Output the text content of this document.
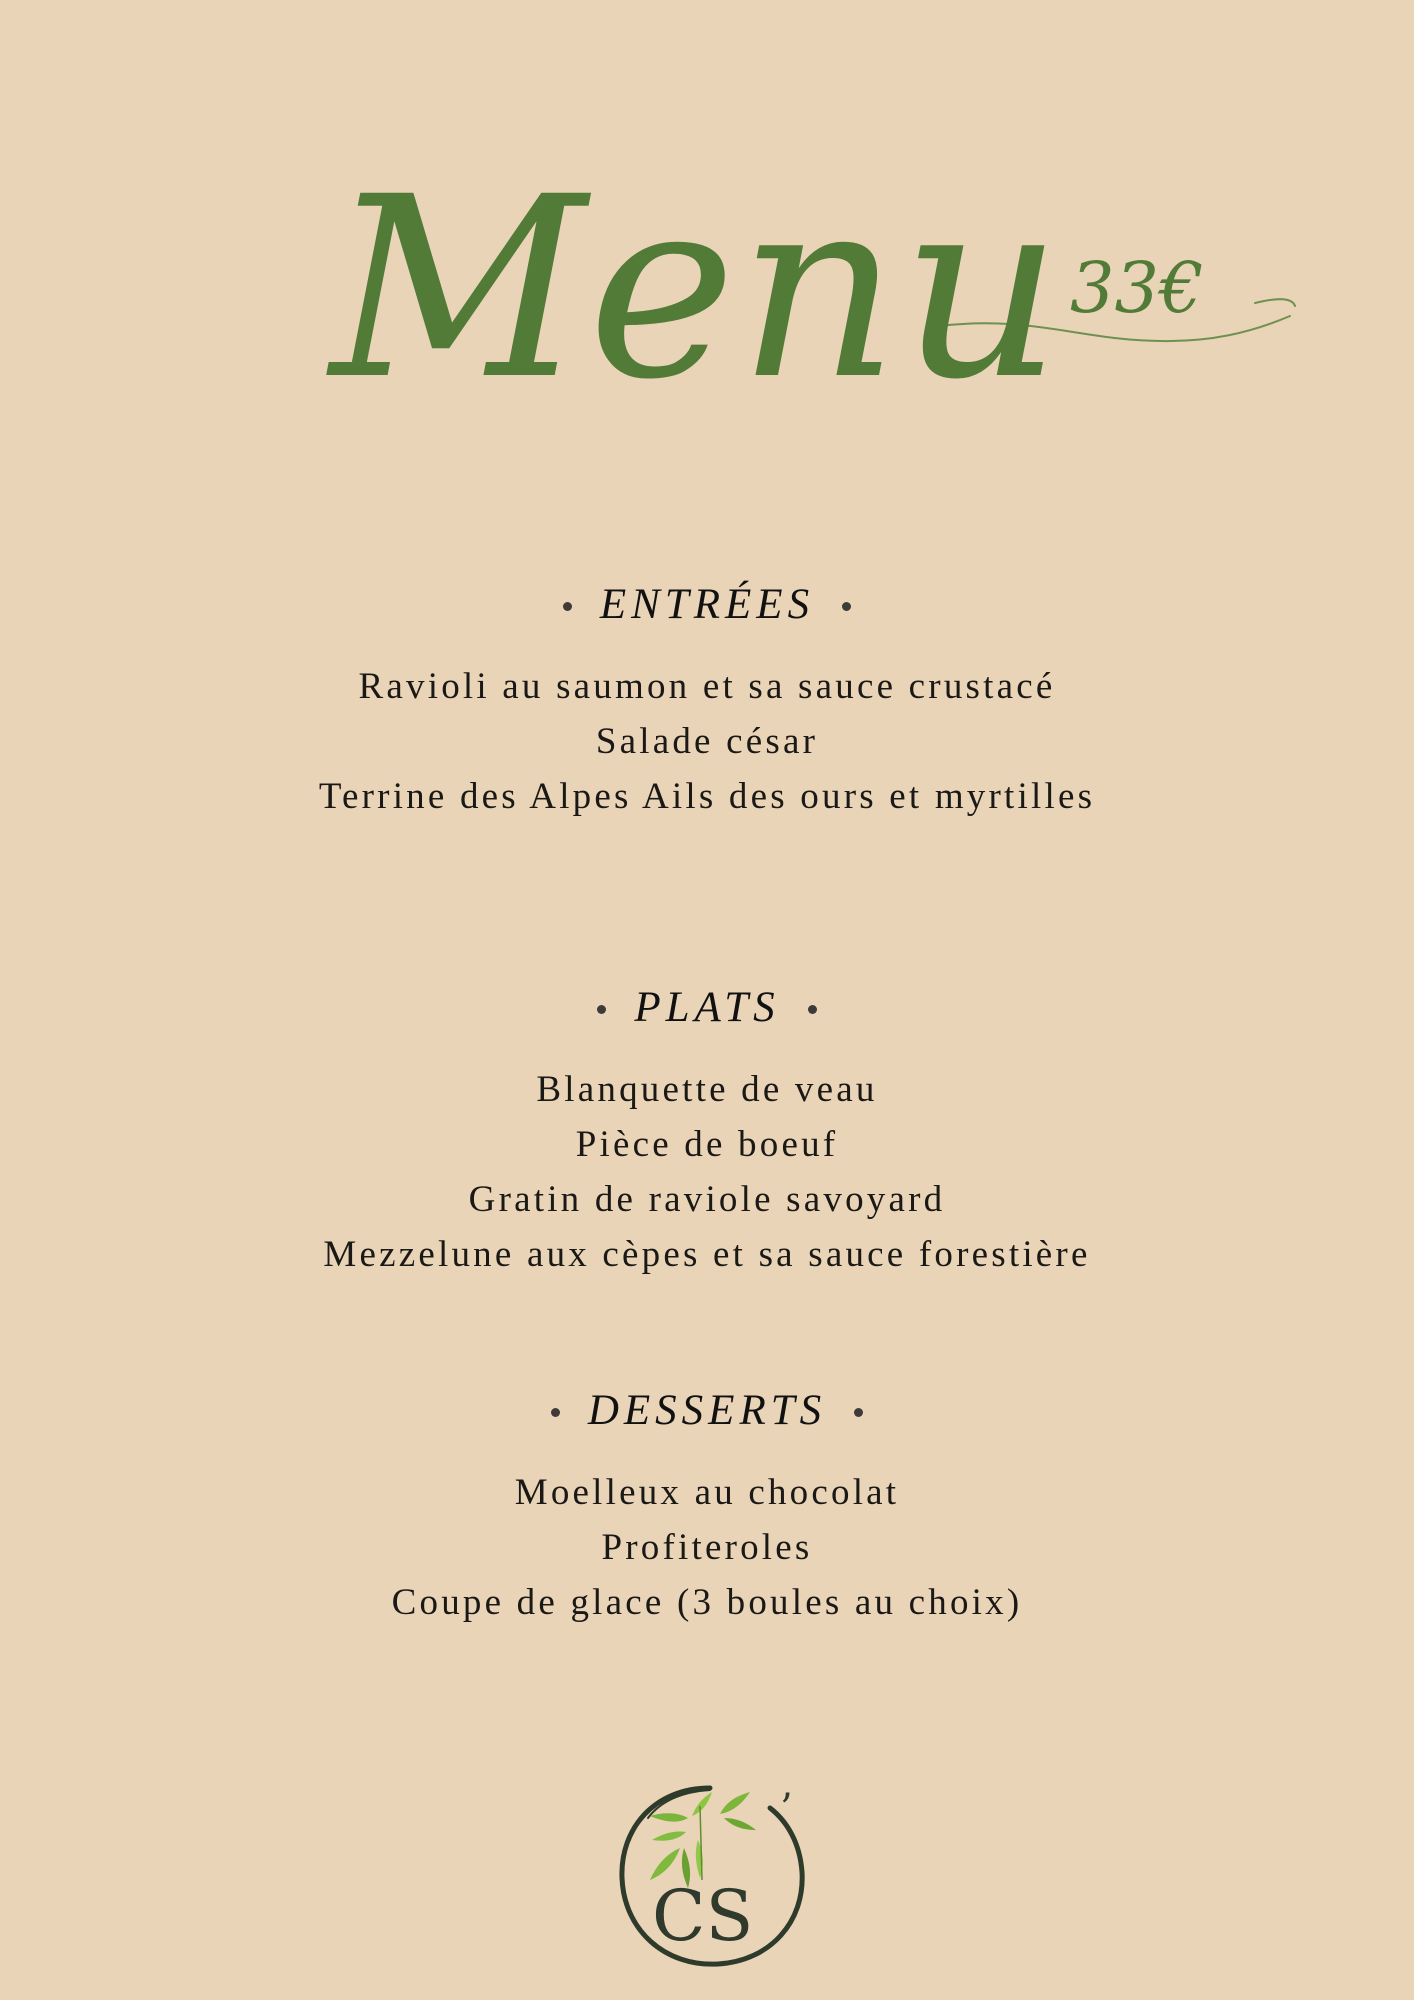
Menu 33€
ENTRÉES
Ravioli au saumon et sa sauce crustacé
Salade césar
Terrine des Alpes Ails des ours et myrtilles
PLATS
Blanquette de veau
Pièce de boeuf
Gratin de raviole savoyard
Mezzelune aux cèpes et sa sauce forestière
DESSERTS
Moelleux au chocolat
Profiteroles
Coupe de glace (3 boules au choix)
CS
’
